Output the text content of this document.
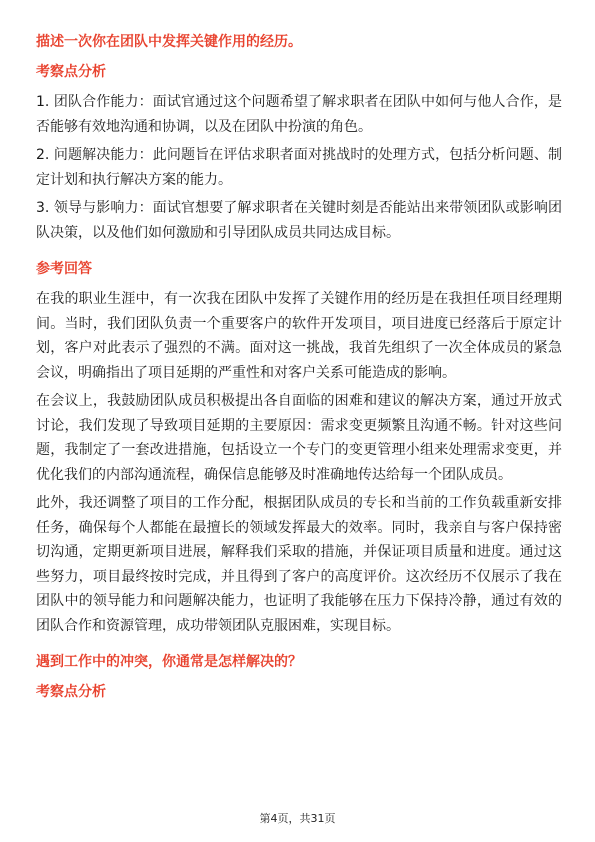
描述一次你在团队中发挥关键作用的经历。

考察点分析

1. 团队合作能力：面试官通过这个问题希望了解求职者在团队中如何与他人合作，是否能够有效地沟通和协调，以及在团队中扮演的角色。

2. 问题解决能力：此问题旨在评估求职者面对挑战时的处理方式，包括分析问题、制定计划和执行解决方案的能力。

3. 领导与影响力：面试官想要了解求职者在关键时刻是否能站出来带领团队或影响团队决策，以及他们如何激励和引导团队成员共同达成目标。

参考回答

在我的职业生涯中，有一次我在团队中发挥了关键作用的经历是在我担任项目经理期间。当时，我们团队负责一个重要客户的软件开发项目，项目进度已经落后于原定计划，客户对此表示了强烈的不满。面对这一挑战，我首先组织了一次全体成员的紧急会议，明确指出了项目延期的严重性和对客户关系可能造成的影响。

在会议上，我鼓励团队成员积极提出各自面临的困难和建议的解决方案，通过开放式讨论，我们发现了导致项目延期的主要原因：需求变更频繁且沟通不畅。针对这些问题，我制定了一套改进措施，包括设立一个专门的变更管理小组来处理需求变更，并优化我们的内部沟通流程，确保信息能够及时准确地传达给每一个团队成员。

此外，我还调整了项目的工作分配，根据团队成员的专长和当前的工作负载重新安排任务，确保每个人都能在最擅长的领域发挥最大的效率。同时，我亲自与客户保持密切沟通，定期更新项目进展，解释我们采取的措施，并保证项目质量和进度。通过这些努力，项目最终按时完成，并且得到了客户的高度评价。这次经历不仅展示了我在团队中的领导能力和问题解决能力，也证明了我能够在压力下保持冷静，通过有效的团队合作和资源管理，成功带领团队克服困难，实现目标。

遇到工作中的冲突，你通常是怎样解决的？

考察点分析

第4页，共31页
